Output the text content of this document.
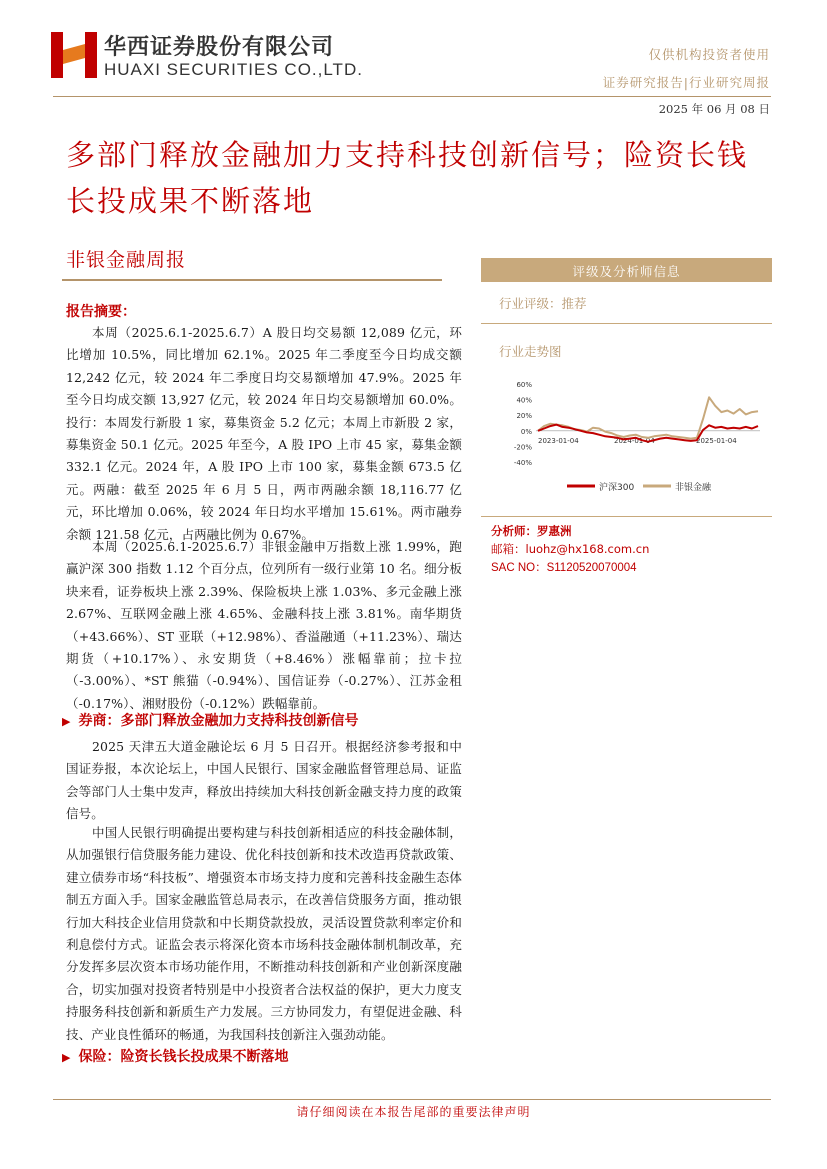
华西证券股份有限公司
HUAXI SECURITIES CO.,LTD.
仅供机构投资者使用
证券研究报告|行业研究周报
2025 年 06 月 08 日
多部门释放金融加力支持科技创新信号；险资长钱长投成果不断落地
非银金融周报
报告摘要：
本周（2025.6.1-2025.6.7）A 股日均交易额 12,089 亿元，环比增加 10.5%，同比增加 62.1%。2025 年二季度至今日均成交额 12,242 亿元，较 2024 年二季度日均交易额增加 47.9%。2025 年至今日均成交额 13,927 亿元，较 2024 年日均交易额增加 60.0%。投行：本周发行新股 1 家，募集资金 5.2 亿元；本周上市新股 2 家，募集资金 50.1 亿元。2025 年至今，A 股 IPO 上市 45 家，募集金额 332.1 亿元。2024 年，A 股 IPO 上市 100 家，募集金额 673.5 亿元。两融：截至 2025 年 6 月 5 日，两市两融余额 18,116.77 亿元，环比增加 0.06%，较 2024 年日均水平增加 15.61%。两市融券余额 121.58 亿元，占两融比例为 0.67%。
本周（2025.6.1-2025.6.7）非银金融申万指数上涨 1.99%，跑赢沪深 300 指数 1.12 个百分点，位列所有一级行业第 10 名。细分板块来看，证券板块上涨 2.39%、保险板块上涨 1.03%、多元金融上涨 2.67%、互联网金融上涨 4.65%、金融科技上涨 3.81%。南华期货（+43.66%）、ST 亚联（+12.98%）、香溢融通（+11.23%）、瑞达期货（+10.17%）、永安期货（+8.46%）涨幅靠前；拉卡拉（-3.00%）、*ST 熊猫（-0.94%）、国信证券（-0.27%）、江苏金租（-0.17%）、湘财股份（-0.12%）跌幅靠前。
▶ 券商：多部门释放金融加力支持科技创新信号
2025 天津五大道金融论坛 6 月 5 日召开。根据经济参考报和中国证券报，本次论坛上，中国人民银行、国家金融监督管理总局、证监会等部门人士集中发声，释放出持续加大科技创新金融支持力度的政策信号。
中国人民银行明确提出要构建与科技创新相适应的科技金融体制，从加强银行信贷服务能力建设、优化科技创新和技术改造再贷款政策、建立债券市场“科技板”、增强资本市场支持力度和完善科技金融生态体制五方面入手。国家金融监管总局表示，在改善信贷服务方面，推动银行加大科技企业信用贷款和中长期贷款投放，灵活设置贷款利率定价和利息偿付方式。证监会表示将深化资本市场科技金融体制机制改革，充分发挥多层次资本市场功能作用，不断推动科技创新和产业创新深度融合，切实加强对投资者特别是中小投资者合法权益的保护，更大力度支持服务科技创新和新质生产力发展。三方协同发力，有望促进金融、科技、产业良性循环的畅通，为我国科技创新注入强劲动能。
▶ 保险：险资长钱长投成果不断落地
评级及分析师信息
行业评级：推荐
行业走势图
60%
40%
20%
0%
-20%
-40%
2023-01-04	2024-01-04	2025-01-04
沪深300	非银金融
分析师：罗惠洲
邮箱：luohz@hx168.com.cn
SAC NO：S1120520070004
请仔细阅读在本报告尾部的重要法律声明
